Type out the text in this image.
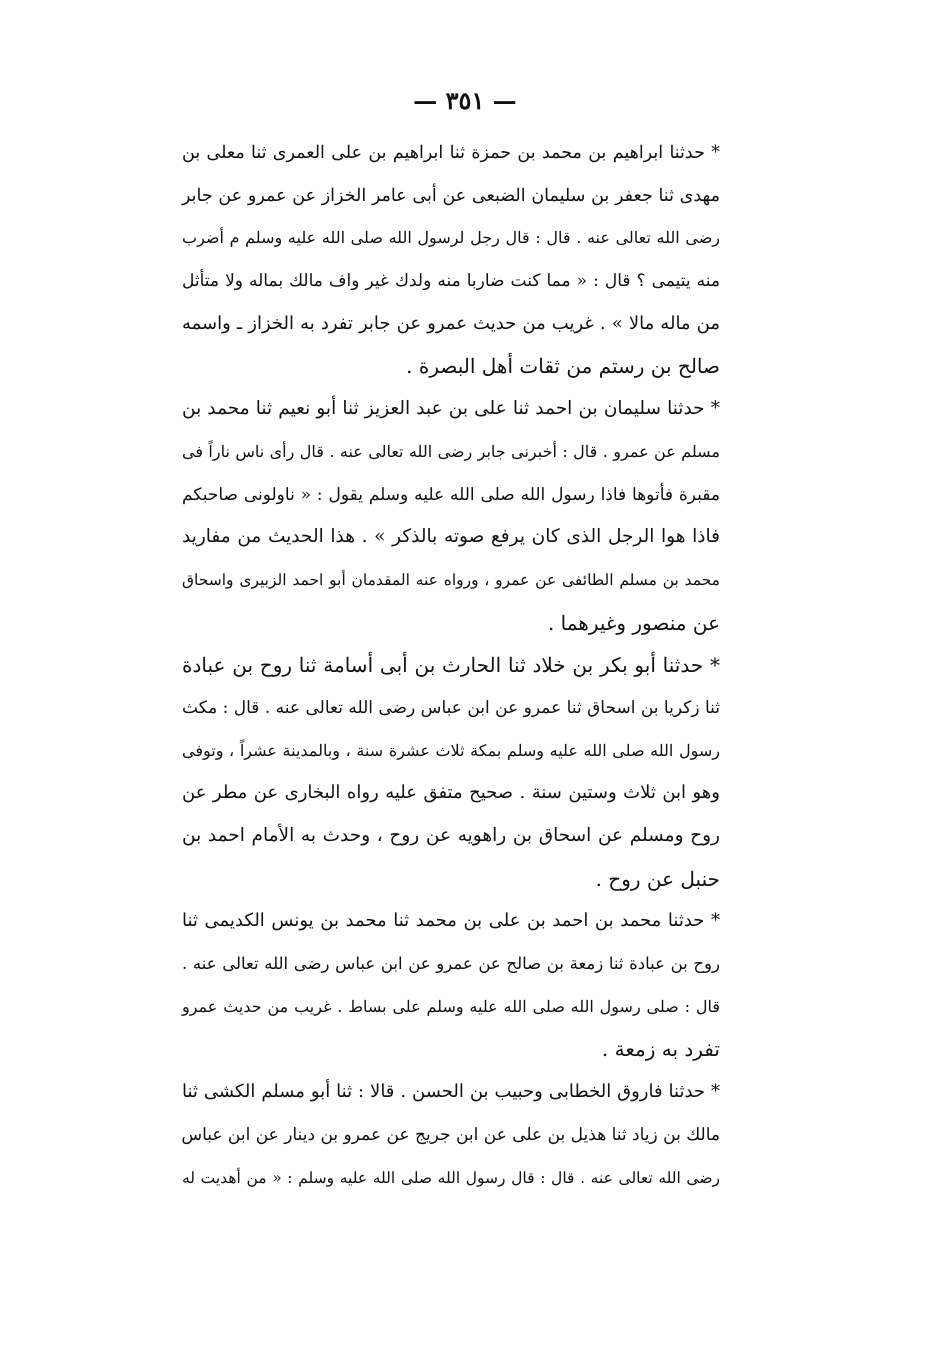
— ٣٥١ —
* حدثنا ابراهيم بن محمد بن حمزة ثنا ابراهيم بن على العمرى ثنا معلى بن
مهدى ثنا جعفر بن سليمان الضبعى عن أبى عامر الخزاز عن عمرو عن جابر
رضى الله تعالى عنه . قال : قال رجل لرسول الله صلى الله عليه وسلم م أضرب
منه يتيمى ؟ قال : « مما كنت ضاربا منه ولدك غير واف مالك بماله ولا متأثل
من ماله مالا » . غريب من حديث عمرو عن جابر تفرد به الخزاز ـ واسمه
صالح بن رستم من ثقات أهل البصرة .
* حدثنا سليمان بن احمد ثنا على بن عبد العزيز ثنا أبو نعيم ثنا محمد بن
مسلم عن عمرو . قال : أخبرنى جابر رضى الله تعالى عنه . قال رأى ناس ناراً فى
مقبرة فأتوها فاذا رسول الله صلى الله عليه وسلم يقول : « ناولونى صاحبكم
فاذا هوا الرجل الذى كان يرفع صوته بالذكر » . هذا الحديث من مفاريد
محمد بن مسلم الطائفى عن عمرو ، ورواه عنه المقدمان أبو احمد الزبيرى واسحاق
عن منصور وغيرهما .
* حدثنا أبو بكر بن خلاد ثنا الحارث بن أبى أسامة ثنا روح بن عبادة
ثنا زكريا بن اسحاق ثنا عمرو عن ابن عباس رضى الله تعالى عنه . قال : مكث
رسول الله صلى الله عليه وسلم بمكة ثلاث عشرة سنة ، وبالمدينة عشراً ، وتوفى
وهو ابن ثلاث وستين سنة . صحيح متفق عليه رواه البخارى عن مطر عن
روح ومسلم عن اسحاق بن راهويه عن روح ، وحدث به الأمام احمد بن
حنبل عن روح .
* حدثنا محمد بن احمد بن على بن محمد ثنا محمد بن يونس الكديمى ثنا
روح بن عبادة ثنا زمعة بن صالح عن عمرو عن ابن عباس رضى الله تعالى عنه .
قال : صلى رسول الله صلى الله عليه وسلم على بساط . غريب من حديث عمرو
تفرد به زمعة .
* حدثنا فاروق الخطابى وحبيب بن الحسن . قالا : ثنا أبو مسلم الكشى ثنا
مالك بن زياد ثنا هذيل بن على عن ابن جريج عن عمرو بن دينار عن ابن عباس
رضى الله تعالى عنه . قال : قال رسول الله صلى الله عليه وسلم : « من أهديت له
